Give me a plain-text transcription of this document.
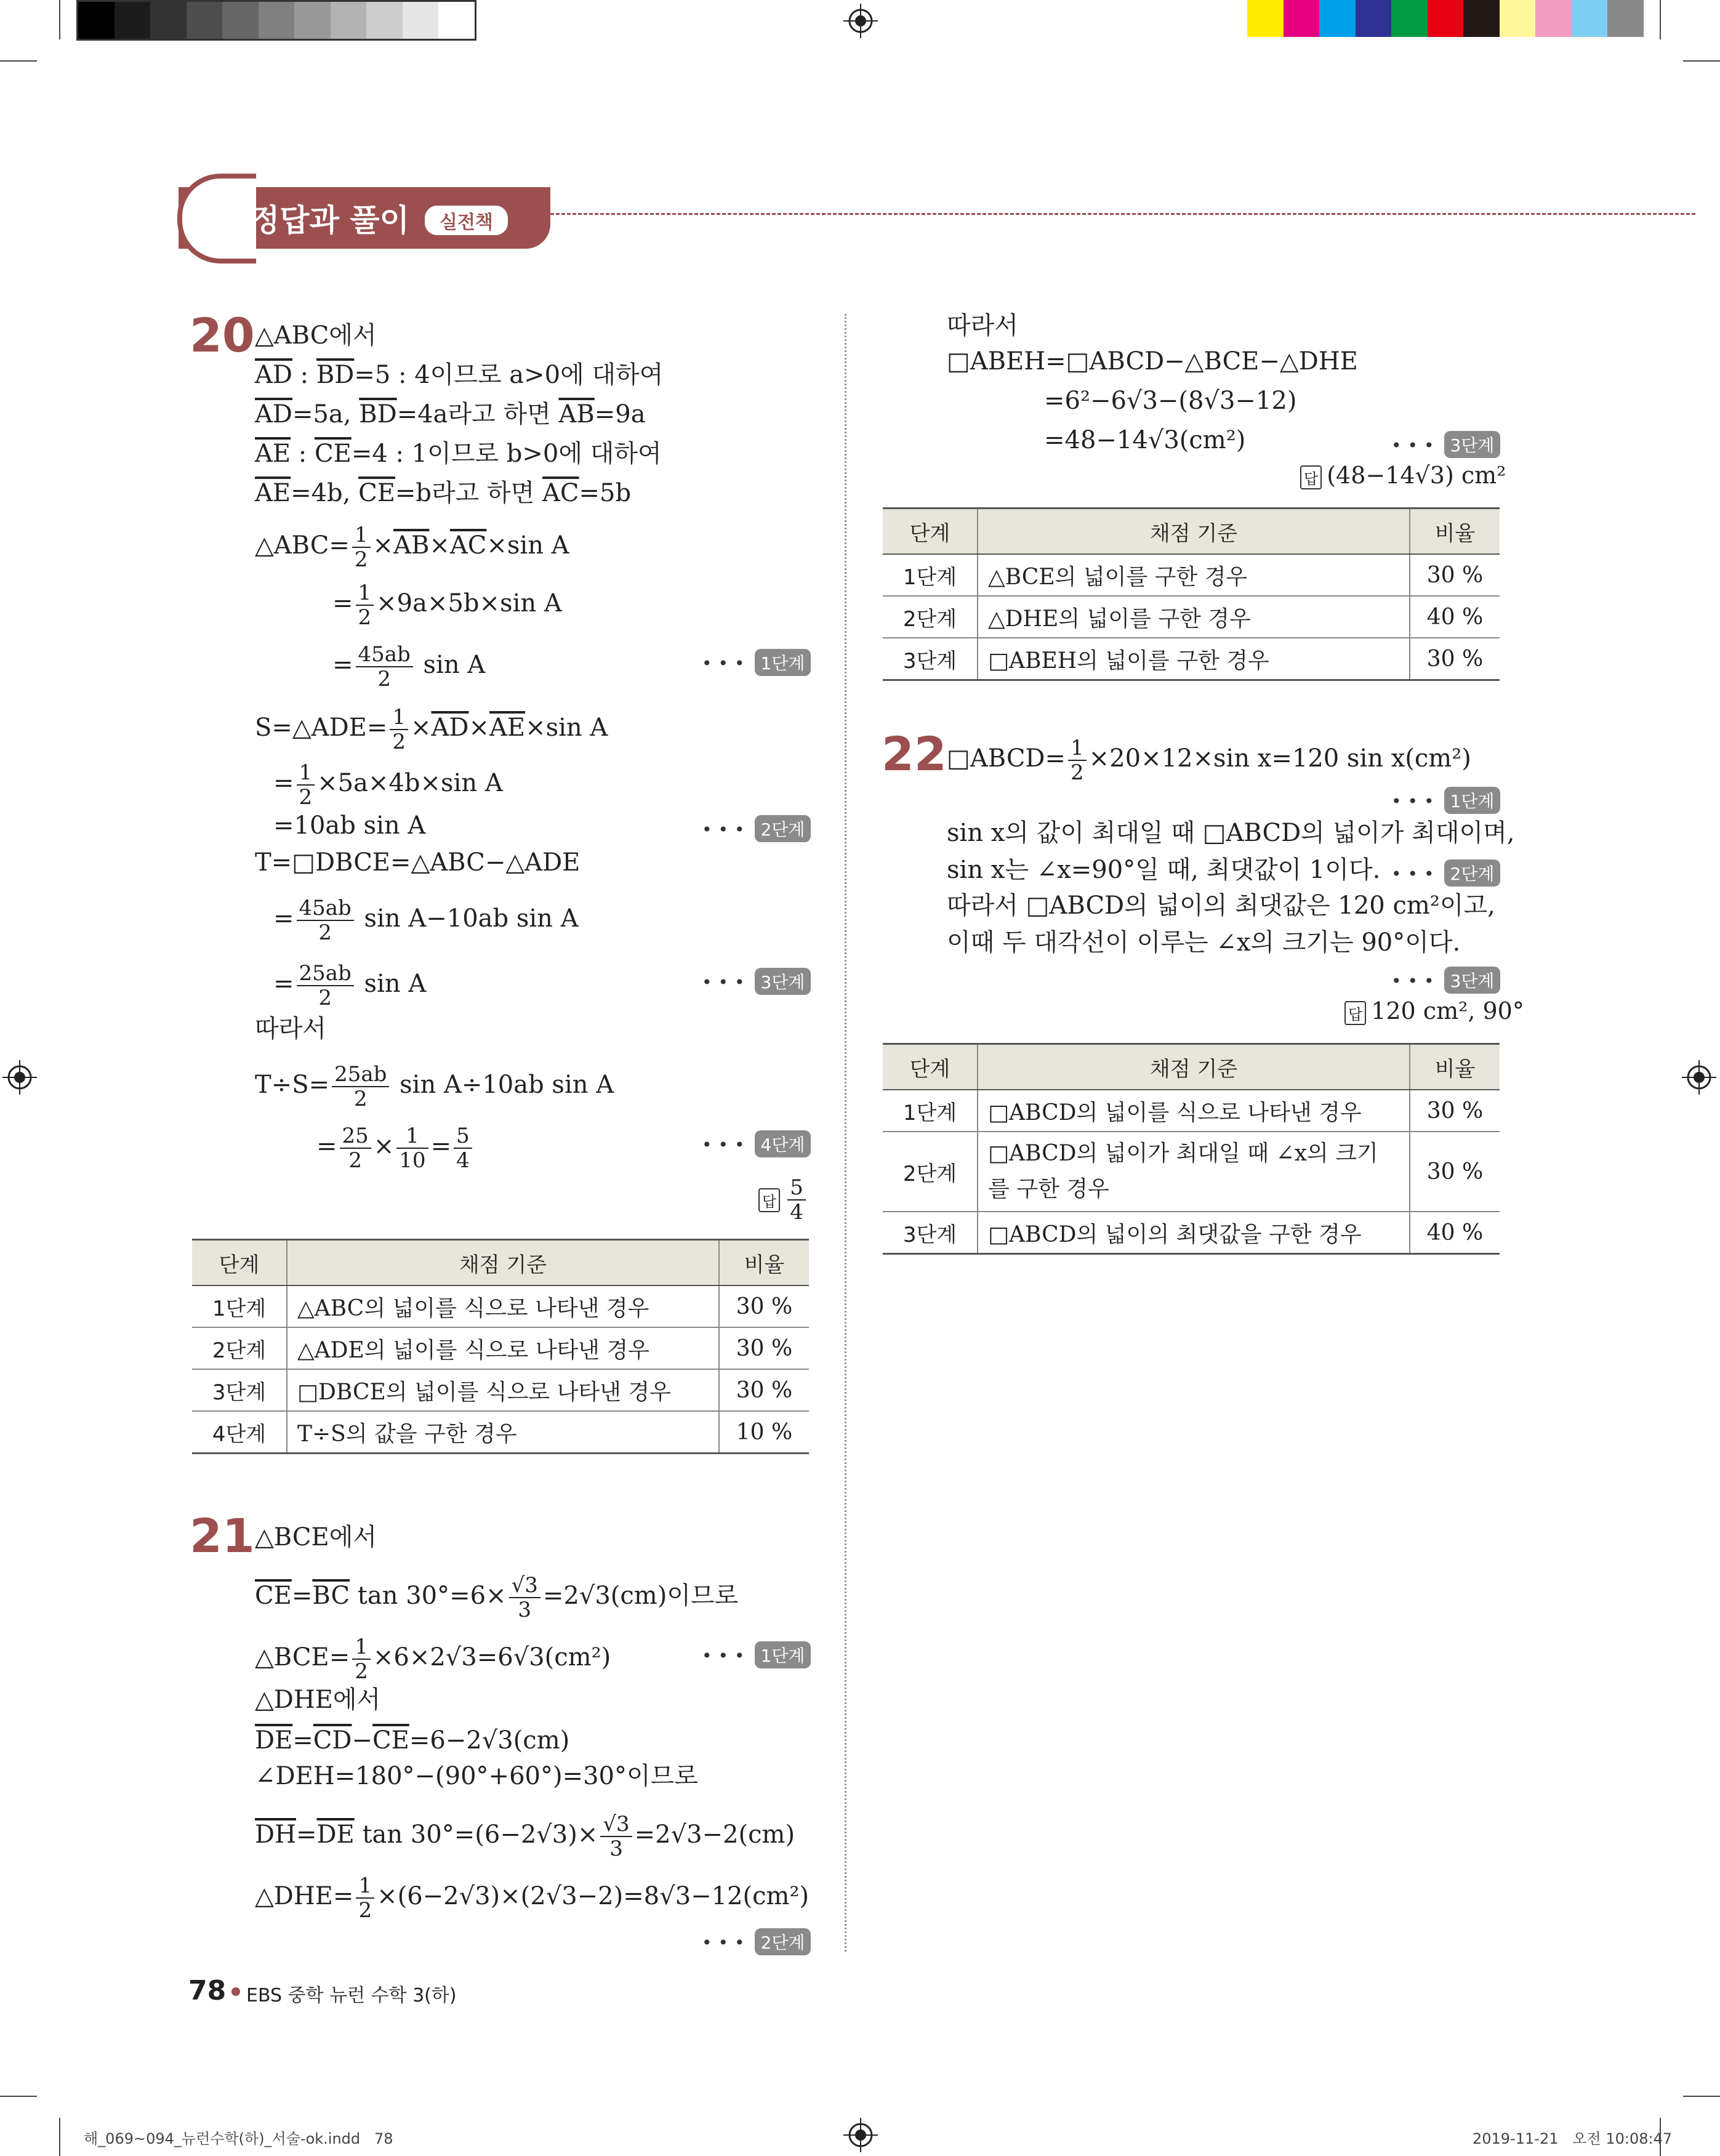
정답과 풀이	실전책
20 △ABC에서
$\overline{AD}$ : $\overline{BD}=5$ : 4이므로 a>0에 대하여
$\overline{AD}=5a$, $\overline{BD}=4a$라고 하면 $\overline{AB}=9a$
$\overline{AE}$ : $\overline{CE}=4$ : 1이므로 b>0에 대하여
$\overline{AE}=4b$, $\overline{CE}=b$라고 하면 $\overline{AC}=5b$
△ABC= $\frac{1}{2} \times\overline{AB}\times\overline{AC}\times\sin$ A
= $\frac{1}{2} \times 9a\times 5b\times\sin$ A
= $\frac{45ab}{2}$ sin A	••• 1단계
S=△ADE= $\frac{1}{2} \times\overline{AD}\times\overline{AE}\times\sin$ A
= $\frac{1}{2} \times 5a\times 4b\times\sin$ A
=10ab sin A	••• 2단계
T=□DBCE=△ABC−△ADE
= $\frac{45ab}{2}$ sin A−10ab sin A
= $\frac{25ab}{2}$ sin A	••• 3단계
따라서
$T\div S= \frac{25ab}{2}$ sin A÷10ab sin A
= $\frac{25}{2} \times \frac{1}{10} = \frac{5}{4}$	••• 4단계
답 $\frac{5}{4}$
단계	채점 기준	비율
1단계	△ABC의 넓이를 식으로 나타낸 경우	30 %
2단계	△ADE의 넓이를 식으로 나타낸 경우	30 %
3단계	□DBCE의 넓이를 식으로 나타낸 경우	30 %
4단계	T÷S의 값을 구한 경우	10 %
21 △BCE에서
$\overline{CE}=\overline{BC}$ $\tan 30^\circ=6\times \frac{√3}{3} =2√3(cm)$이므로
△BCE= $\frac{1}{2} \times 6\times 2√3=6√3(cm^2)$	••• 1단계
△DHE에서
$\overline{DE}=\overline{CD}-\overline{CE}=6-2√3(cm)$
∠DEH=180°−(90°+60°)=30°이므로
$\overline{DH}=\overline{DE}$ $\tan 30^\circ=(6-2√3)\times \frac{√3}{3} =2√3-2(cm)$
△DHE= $\frac{1}{2} \times(6-2√3)\times(2√3-2)=8√3-12(cm^2)$
••• 2단계
따라서
□ABEH=□ABCD−△BCE−△DHE
=6²−6√3−(8√3−12)
=48−14√3(cm²)	••• 3단계
답 (48−14√3) cm²
단계	채점 기준	비율
1단계	△BCE의 넓이를 구한 경우	30 %
2단계	△DHE의 넓이를 구한 경우	40 %
3단계	□ABEH의 넓이를 구한 경우	30 %
22 □ABCD= $\frac{1}{2} \times 20\times 12\times\sin$ x=120 sin x(cm²)
••• 1단계
sin x의 값이 최대일 때 □ABCD의 넓이가 최대이며,
sin x는 ∠x=90°일 때, 최댓값이 1이다. ••• 2단계
따라서 □ABCD의 넓이의 최댓값은 120 cm²이고,
이때 두 대각선이 이루는 ∠x의 크기는 90°이다.
••• 3단계
답 120 cm², 90°
단계	채점 기준	비율
1단계	□ABCD의 넓이를 식으로 나타낸 경우	30 %
2단계	□ABCD의 넓이가 최대일 때 ∠x의 크기를 구한 경우	30 %
3단계	□ABCD의 넓이의 최댓값을 구한 경우	40 %
78 EBS 중학 뉴런 수학 3(하)
해_069~094_뉴런수학(하)_서술-ok.indd   78	2019-11-21   오전 10:08:47
